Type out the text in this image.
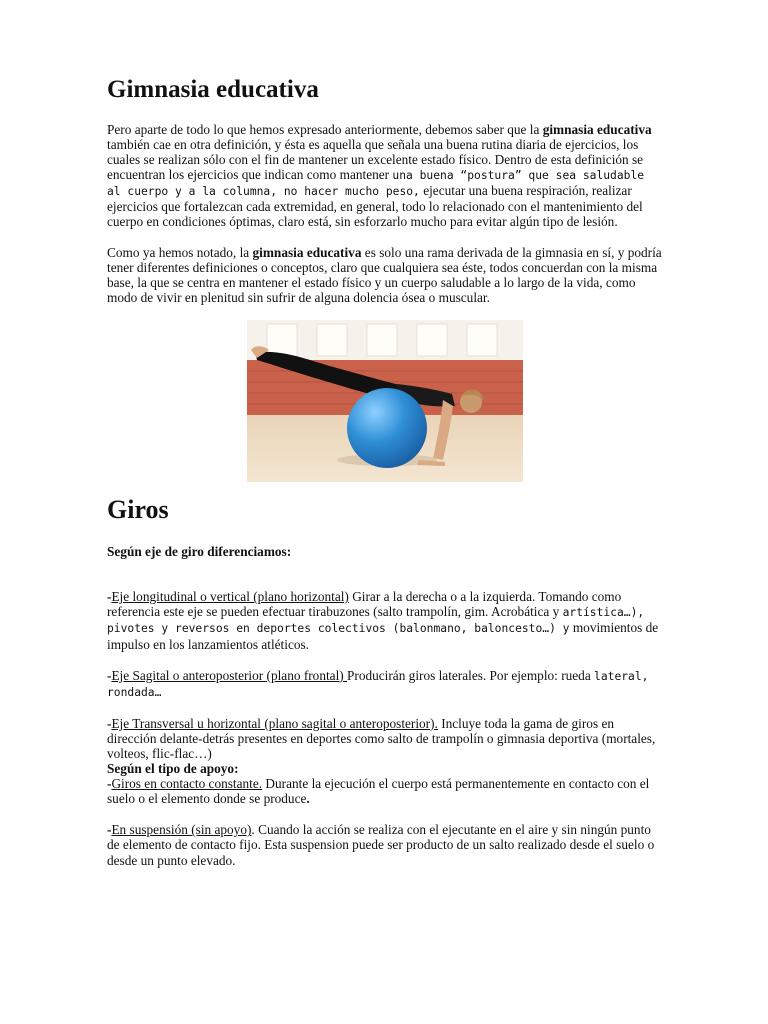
Gimnasia educativa

Pero aparte de todo lo que hemos expresado anteriormente, debemos saber que la gimnasia educativa también cae en otra definición, y ésta es aquella que señala una buena rutina diaria de ejercicios, los cuales se realizan sólo con el fin de mantener un excelente estado físico. Dentro de esta definición se encuentran los ejercicios que indican como mantener una buena “postura” que sea saludable al cuerpo y a la columna, no hacer mucho peso, ejecutar una buena respiración, realizar ejercicios que fortalezcan cada extremidad, en general, todo lo relacionado con el mantenimiento del cuerpo en condiciones óptimas, claro está, sin esforzarlo mucho para evitar algún tipo de lesión.

Como ya hemos notado, la gimnasia educativa es solo una rama derivada de la gimnasia en sí, y podría tener diferentes definiciones o conceptos, claro que cualquiera sea éste, todos concuerdan con la misma base, la que se centra en mantener el estado físico y un cuerpo saludable a lo largo de la vida, como modo de vivir en plenitud sin sufrir de alguna dolencia ósea o muscular.

Giros

Según eje de giro diferenciamos:

-Eje longitudinal o vertical (plano horizontal) Girar a la derecha o a la izquierda. Tomando como referencia este eje se pueden efectuar tirabuzones (salto trampolín, gim. Acrobática y artística…), pivotes y reversos en deportes colectivos (balonmano, baloncesto…) y movimientos de impulso en los lanzamientos atléticos.

-Eje Sagital o anteroposterior (plano frontal) Producirán giros laterales. Por ejemplo: rueda lateral, rondada…

-Eje Transversal u horizontal (plano sagital o anteroposterior). Incluye toda la gama de giros en dirección delante-detrás presentes en deportes como salto de trampolín o gimnasia deportiva (mortales, volteos, flic-flac…)

Según el tipo de apoyo:

-Giros en contacto constante. Durante la ejecución el cuerpo está permanentemente en contacto con el suelo o el elemento donde se produce.

-En suspensión (sin apoyo). Cuando la acción se realiza con el ejecutante en el aire y sin ningún punto de elemento de contacto fijo. Esta suspension puede ser producto de un salto realizado desde el suelo o desde un punto elevado.
